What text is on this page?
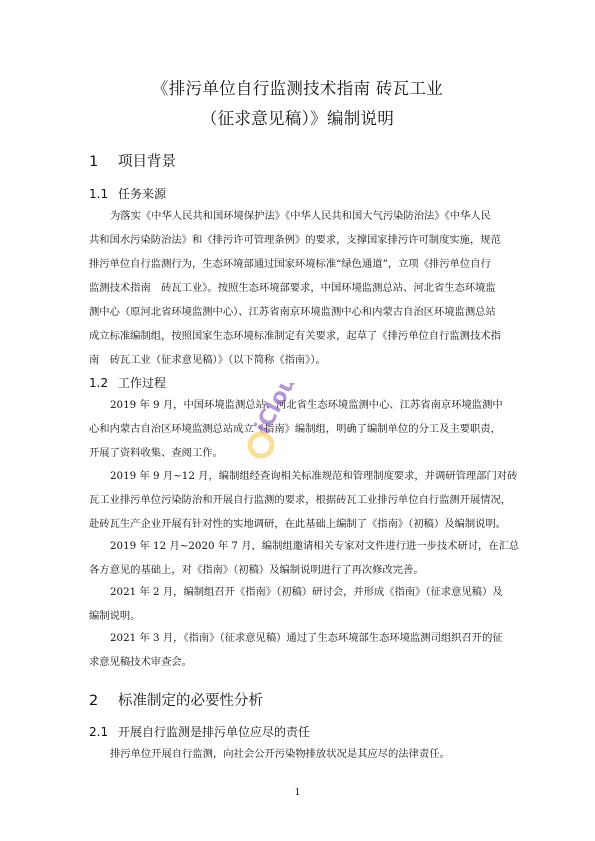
《排污单位自行监测技术指南 砖瓦工业
（征求意见稿）》编制说明
1 项目背景
1.1 任务来源
为落实《中华人民共和国环境保护法》《中华人民共和国大气污染防治法》《中华人民
共和国水污染防治法》和《排污许可管理条例》的要求，支撑国家排污许可制度实施，规范
排污单位自行监测行为，生态环境部通过国家环境标准“绿色通道”，立项《排污单位自行
监测技术指南　砖瓦工业》。按照生态环境部要求，中国环境监测总站、河北省生态环境监
测中心（原河北省环境监测中心）、江苏省南京环境监测中心和内蒙古自治区环境监测总站
成立标准编制组，按照国家生态环境标准制定有关要求，起草了《排污单位自行监测技术指
南　砖瓦工业（征求意见稿）》（以下简称《指南》）。
1.2 工作过程
2019 年 9 月，中国环境监测总站、河北省生态环境监测中心、江苏省南京环境监测中
心和内蒙古自治区环境监测总站成立《指南》编制组，明确了编制单位的分工及主要职责，
开展了资料收集、查阅工作。
2019 年 9 月~12 月，编制组经查询相关标准规范和管理制度要求，并调研管理部门对砖
瓦工业排污单位污染防治和开展自行监测的要求，根据砖瓦工业排污单位自行监测开展情况，
赴砖瓦生产企业开展有针对性的实地调研，在此基础上编制了《指南》（初稿）及编制说明。
2019 年 12 月~2020 年 7 月，编制组邀请相关专家对文件进行进一步技术研讨，在汇总
各方意见的基础上，对《指南》（初稿）及编制说明进行了再次修改完善。
2021 年 2 月，编制组召开《指南》（初稿）研讨会，并形成《指南》（征求意见稿）及
编制说明。
2021 年 3 月，《指南》（征求意见稿）通过了生态环境部生态环境监测司组织召开的征
求意见稿技术审查会。
2 标准制定的必要性分析
2.1 开展自行监测是排污单位应尽的责任
排污单位开展自行监测，向社会公开污染物排放状况是其应尽的法律责任。
iCloud
1
